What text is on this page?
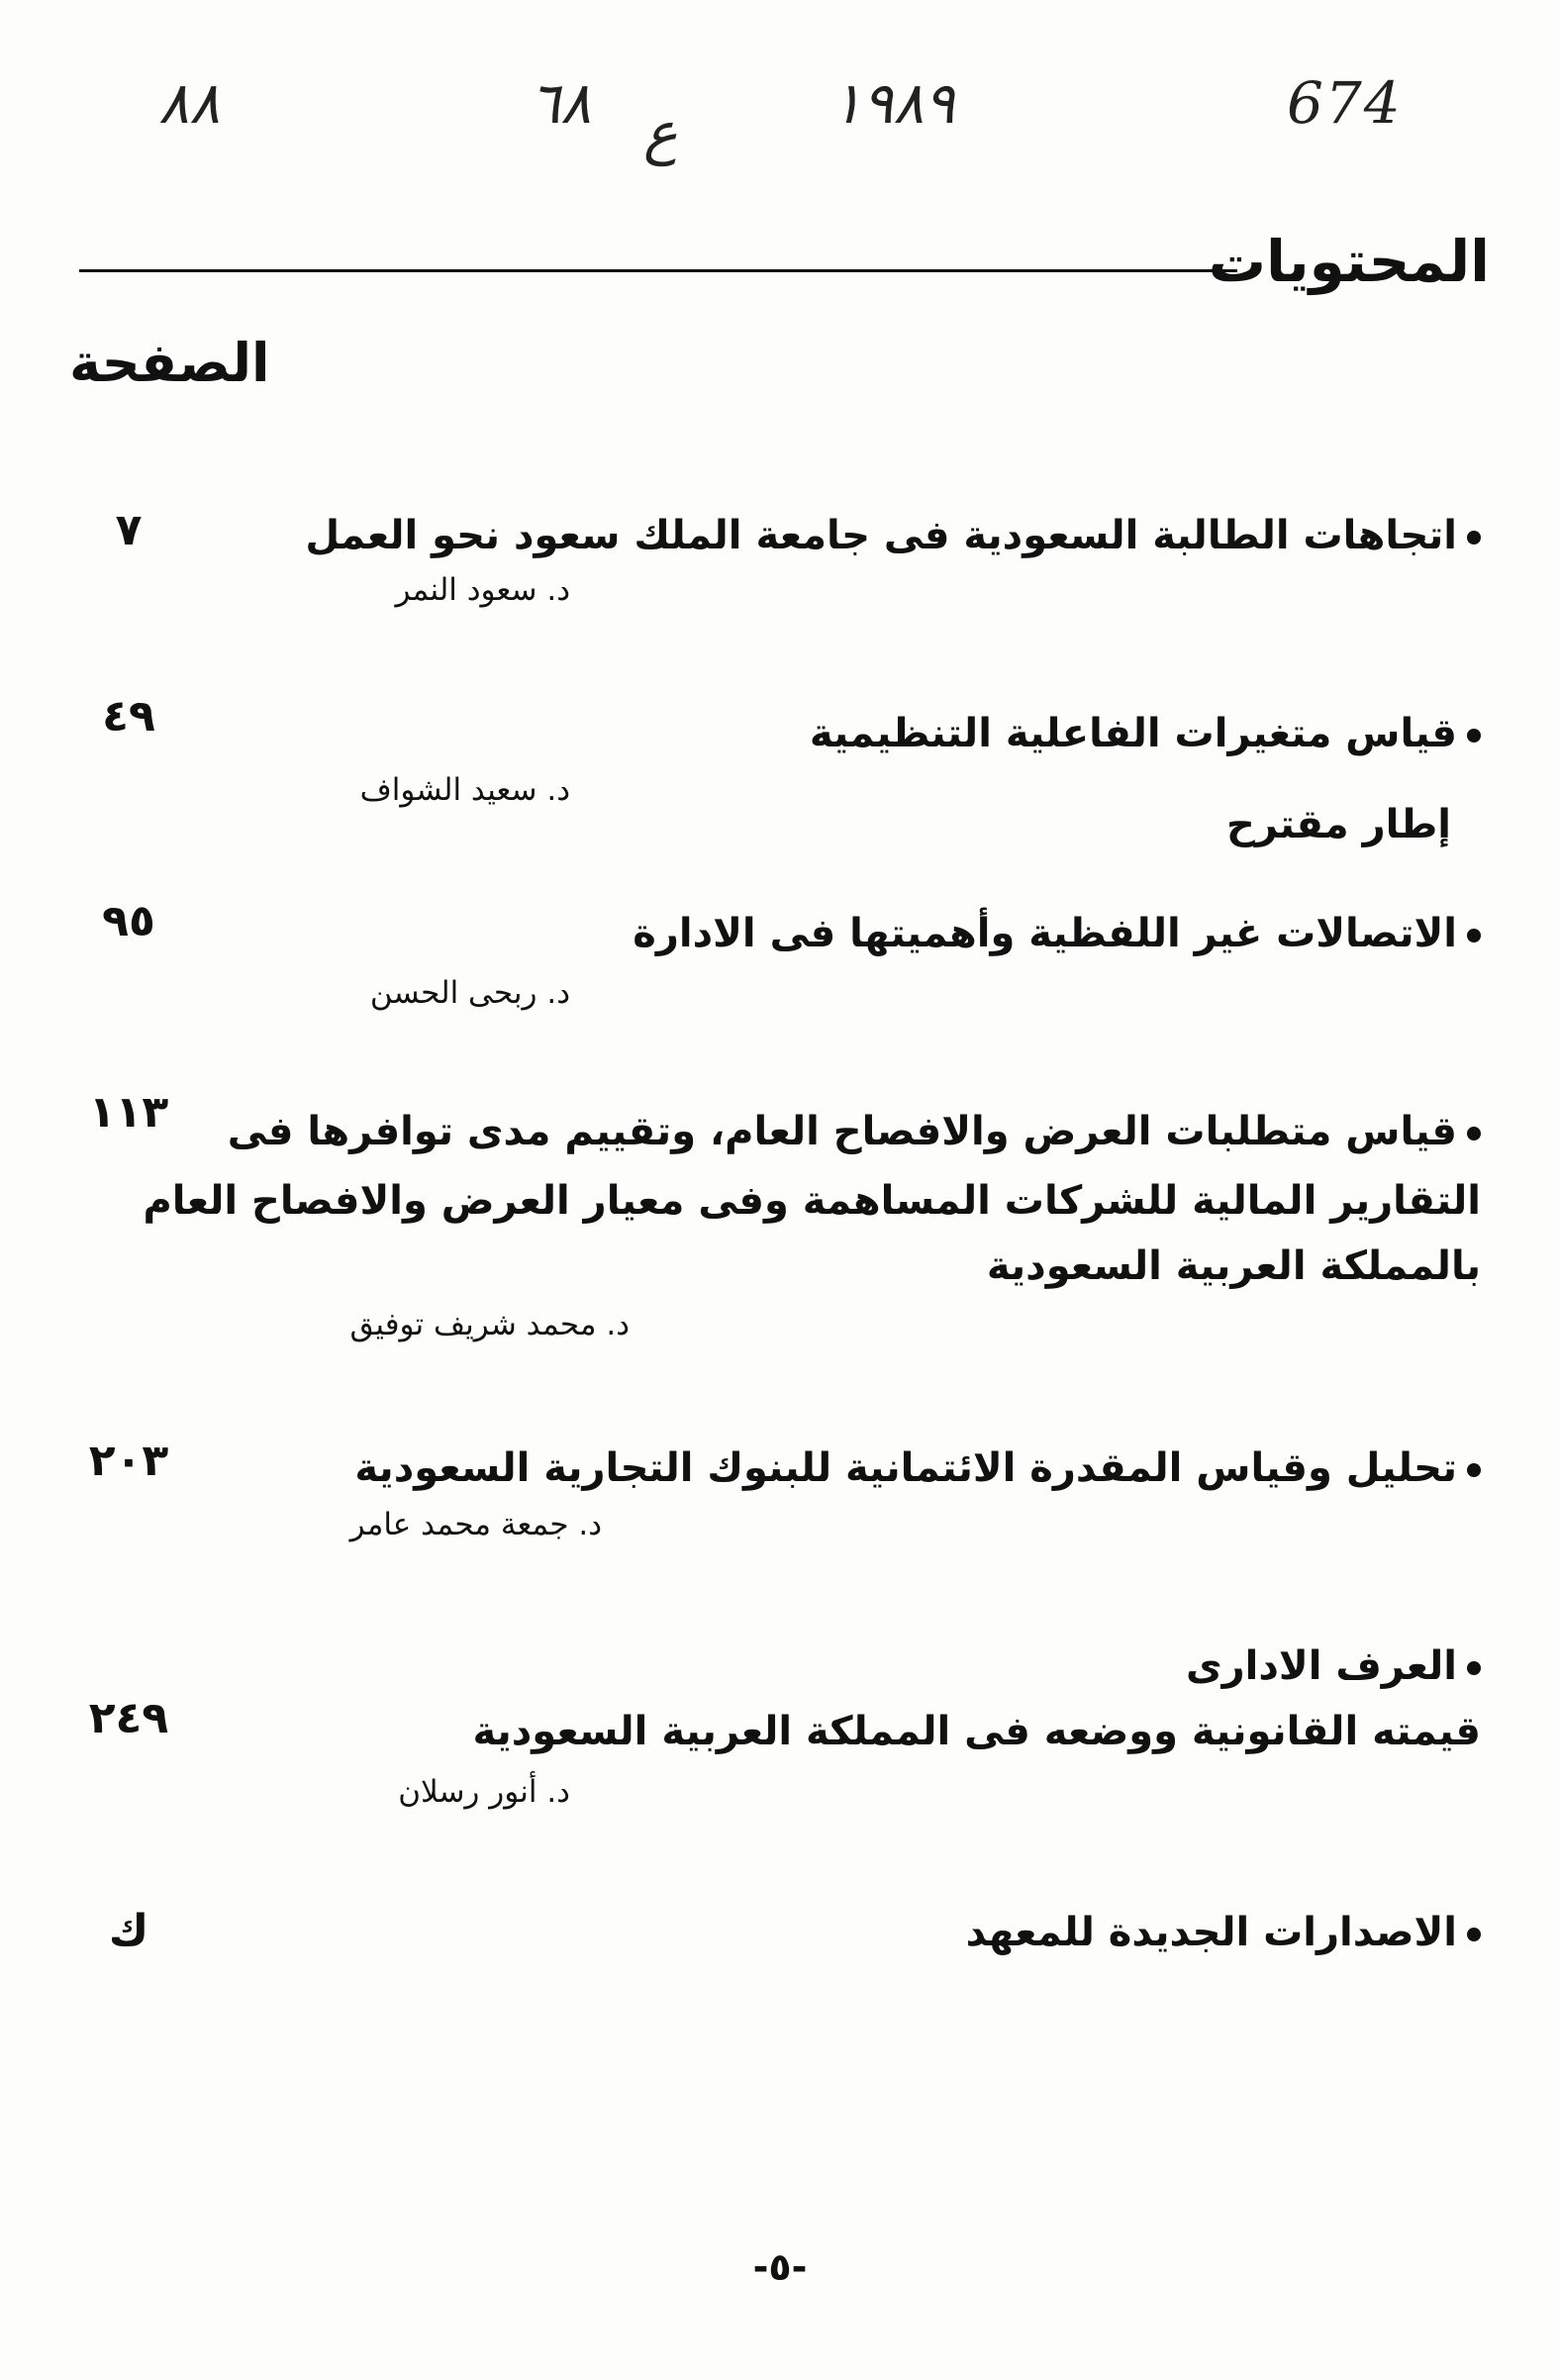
٨٨	٦٨ ع	١٩٨٩	674
المحتويات
الصفحة
٧	اتجاهات الطالبة السعودية فى جامعة الملك سعود نحو العمل
د. سعود النمر
٤٩	قياس متغيرات الفاعلية التنظيمية
د. سعيد الشواف
إطار مقترح
٩٥	الاتصالات غير اللفظية وأهميتها فى الادارة
د. ربحى الحسن
١١٣	قياس متطلبات العرض والافصاح العام، وتقييم مدى توافرها فى
التقارير المالية للشركات المساهمة وفى معيار العرض والافصاح العام
بالمملكة العربية السعودية
د. محمد شريف توفيق
٢٠٣	تحليل وقياس المقدرة الائتمانية للبنوك التجارية السعودية
د. جمعة محمد عامر
العرف الادارى
٢٤٩	قيمته القانونية ووضعه فى المملكة العربية السعودية
د. أنور رسلان
ك	الاصدارات الجديدة للمعهد
-٥-
